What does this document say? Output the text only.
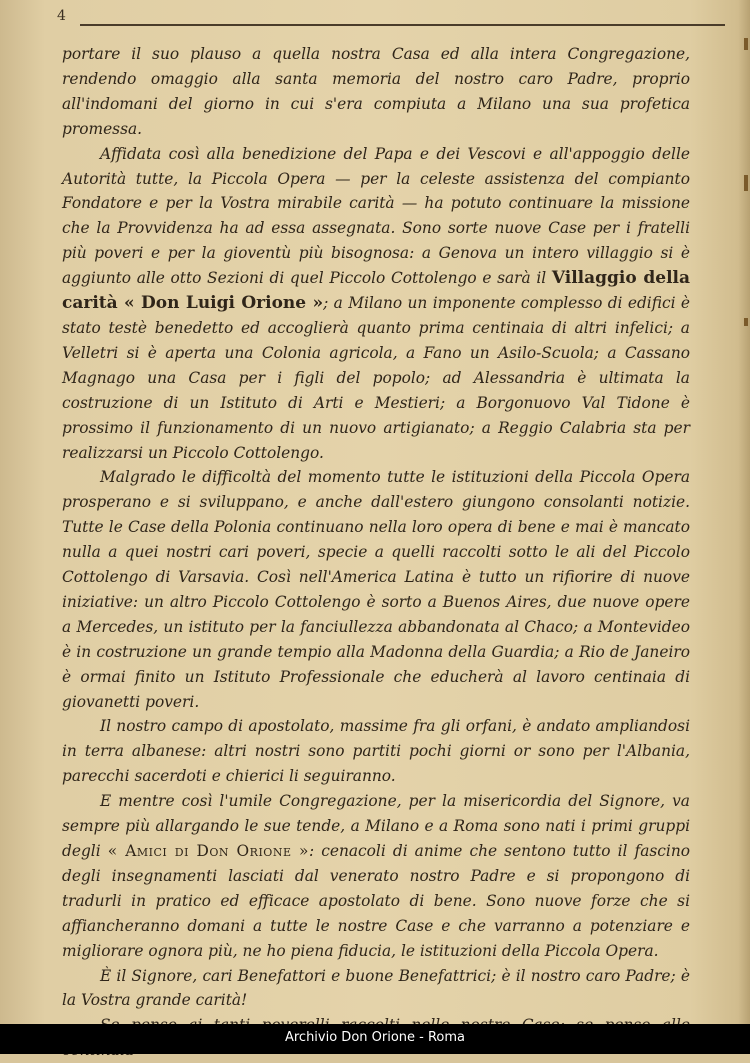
4

portare il suo plauso a quella nostra Casa ed alla intera Congregazione, rendendo omaggio alla santa memoria del nostro caro Padre, proprio all'indomani del giorno in cui s'era compiuta a Milano una sua profetica promessa.

Affidata così alla benedizione del Papa e dei Vescovi e all'appoggio delle Autorità tutte, la Piccola Opera — per la celeste assistenza del compianto Fondatore e per la Vostra mirabile carità — ha potuto continuare la missione che la Provvidenza ha ad essa assegnata. Sono sorte nuove Case per i fratelli più poveri e per la gioventù più bisognosa: a Genova un intero villaggio si è aggiunto alle otto Sezioni di quel Piccolo Cottolengo e sarà il Villaggio della carità « Don Luigi Orione »; a Milano un imponente complesso di edifici è stato testè benedetto ed accoglierà quanto prima centinaia di altri infelici; a Velletri si è aperta una Colonia agricola, a Fano un Asilo-Scuola; a Cassano Magnago una Casa per i figli del popolo; ad Alessandria è ultimata la costruzione di un Istituto di Arti e Mestieri; a Borgonuovo Val Tidone è prossimo il funzionamento di un nuovo artigianato; a Reggio Calabria sta per realizzarsi un Piccolo Cottolengo.

Malgrado le difficoltà del momento tutte le istituzioni della Piccola Opera prosperano e si sviluppano, e anche dall'estero giungono consolanti notizie. Tutte le Case della Polonia continuano nella loro opera di bene e mai è mancato nulla a quei nostri cari poveri, specie a quelli raccolti sotto le ali del Piccolo Cottolengo di Varsavia. Così nell'America Latina è tutto un rifiorire di nuove iniziative: un altro Piccolo Cottolengo è sorto a Buenos Aires, due nuove opere a Mercedes, un istituto per la fanciullezza abbandonata al Chaco; a Montevideo è in costruzione un grande tempio alla Madonna della Guardia; a Rio de Janeiro è ormai finito un Istituto Professionale che educherà al lavoro centinaia di giovanetti poveri.

Il nostro campo di apostolato, massime fra gli orfani, è andato ampliandosi in terra albanese: altri nostri sono partiti pochi giorni or sono per l'Albania, parecchi sacerdoti e chierici li seguiranno.

E mentre così l'umile Congregazione, per la misericordia del Signore, va sempre più allargando le sue tende, a Milano e a Roma sono nati i primi gruppi degli « Amici di Don Orione »: cenacoli di anime che sentono tutto il fascino degli insegnamenti lasciati dal venerato nostro Padre e si propongono di tradurli in pratico ed efficace apostolato di bene. Sono nuove forze che si affiancheranno domani a tutte le nostre Case e che varranno a potenziare e migliorare ognora più, ne ho piena fiducia, le istituzioni della Piccola Opera.

È il Signore, cari Benefattori e buone Benefattrici; è il nostro caro Padre; è la Vostra grande carità!

Archivio Don Orione - Roma
